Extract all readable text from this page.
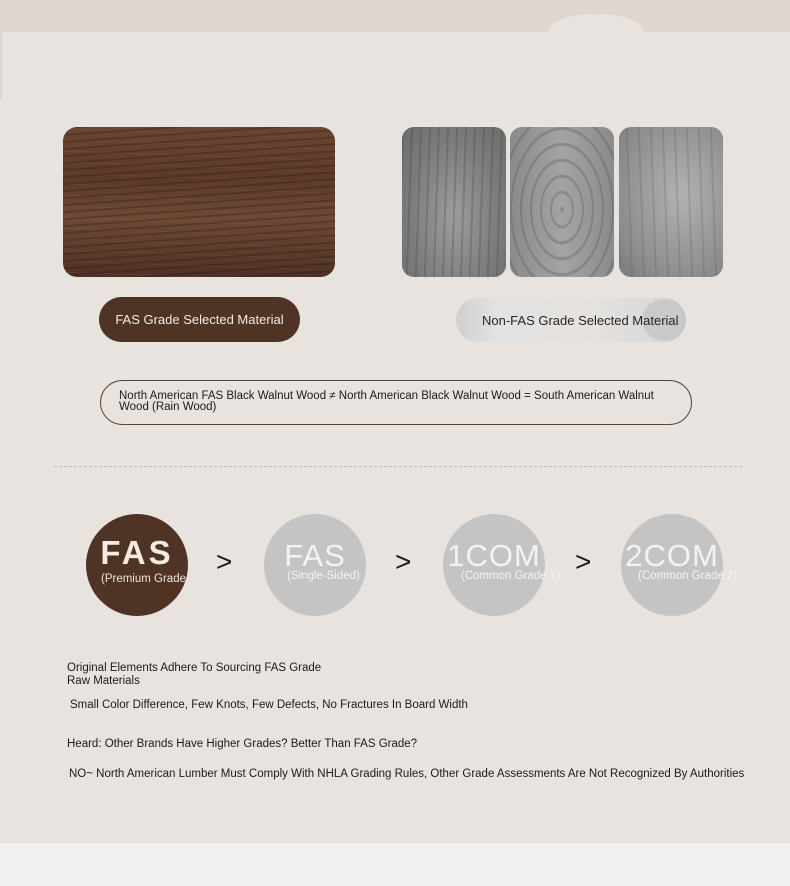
FAS Grade Selected Material	Non-FAS Grade Selected Material
North American FAS Black Walnut Wood ≠ North American Black Walnut Wood = South American Walnut Wood (Rain Wood)
FAS
(Premium Grade
>	FAS
(Single-Sided) > 1COM
(Common Grade 1) > 2COM
(Common Grade 2)
Original Elements Adhere To Sourcing FAS Grade
Raw Materials
Small Color Difference, Few Knots, Few Defects, No Fractures In Board Width
Heard: Other Brands Have Higher Grades? Better Than FAS Grade?
NO~ North American Lumber Must Comply With NHLA Grading Rules, Other Grade Assessments Are Not Recognized By Authorities
